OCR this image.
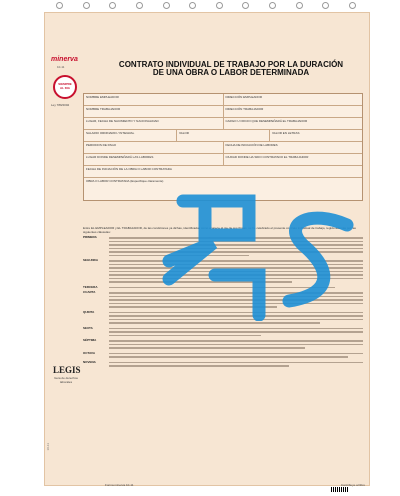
minerva
10-11
SIEMPRE
AL DIA
Ley 789/2002
LEGIS
Guía de derechos laborales
10-11
CONTRATO INDIVIDUAL DE TRABAJO POR LA DURACIÓN
DE UNA OBRA O LABOR DETERMINADA
NOMBRE EMPLEADOR	DIRECCIÓN EMPLEADOR
NOMBRE TRABAJADOR	DIRECCIÓN TRABAJADOR
LUGAR, FECHA DE NACIMIENTO Y NACIONALIDAD	CARGO U OFICIO QUE DESEMPEÑARÁ EL TRABAJADOR
SALARIO ORDINARIO / INTEGRAL	VALOR	VALOR EN LETRAS
PERIODOS DE PAGO	FECHA DE INICIACIÓN DE LABORES
LUGAR DONDE DESEMPEÑARÁ LAS LABORES	CIUDAD DONDE HA SIDO CONTRATADO EL TRABAJADOR
FECHA DE INICIACIÓN DE LA OBRA O LABOR CONTRATADA
OBRA O LABOR CONTRATADA (Especifique claramente)
Entre EL EMPLEADOR y EL TRABAJADOR, de las condiciones ya dichas, identificados como aparece al pie de sus firmas, se ha celebrado el presente contrato individual de trabajo, regido además por las siguientes cláusulas:
PRIMERA
SEGUNDA
TERCERA
CUARTA
QUINTA
SEXTA
SÉPTIMA
OCTAVA
NOVENA
Forma minerva 10-11	Contribuye al libro
